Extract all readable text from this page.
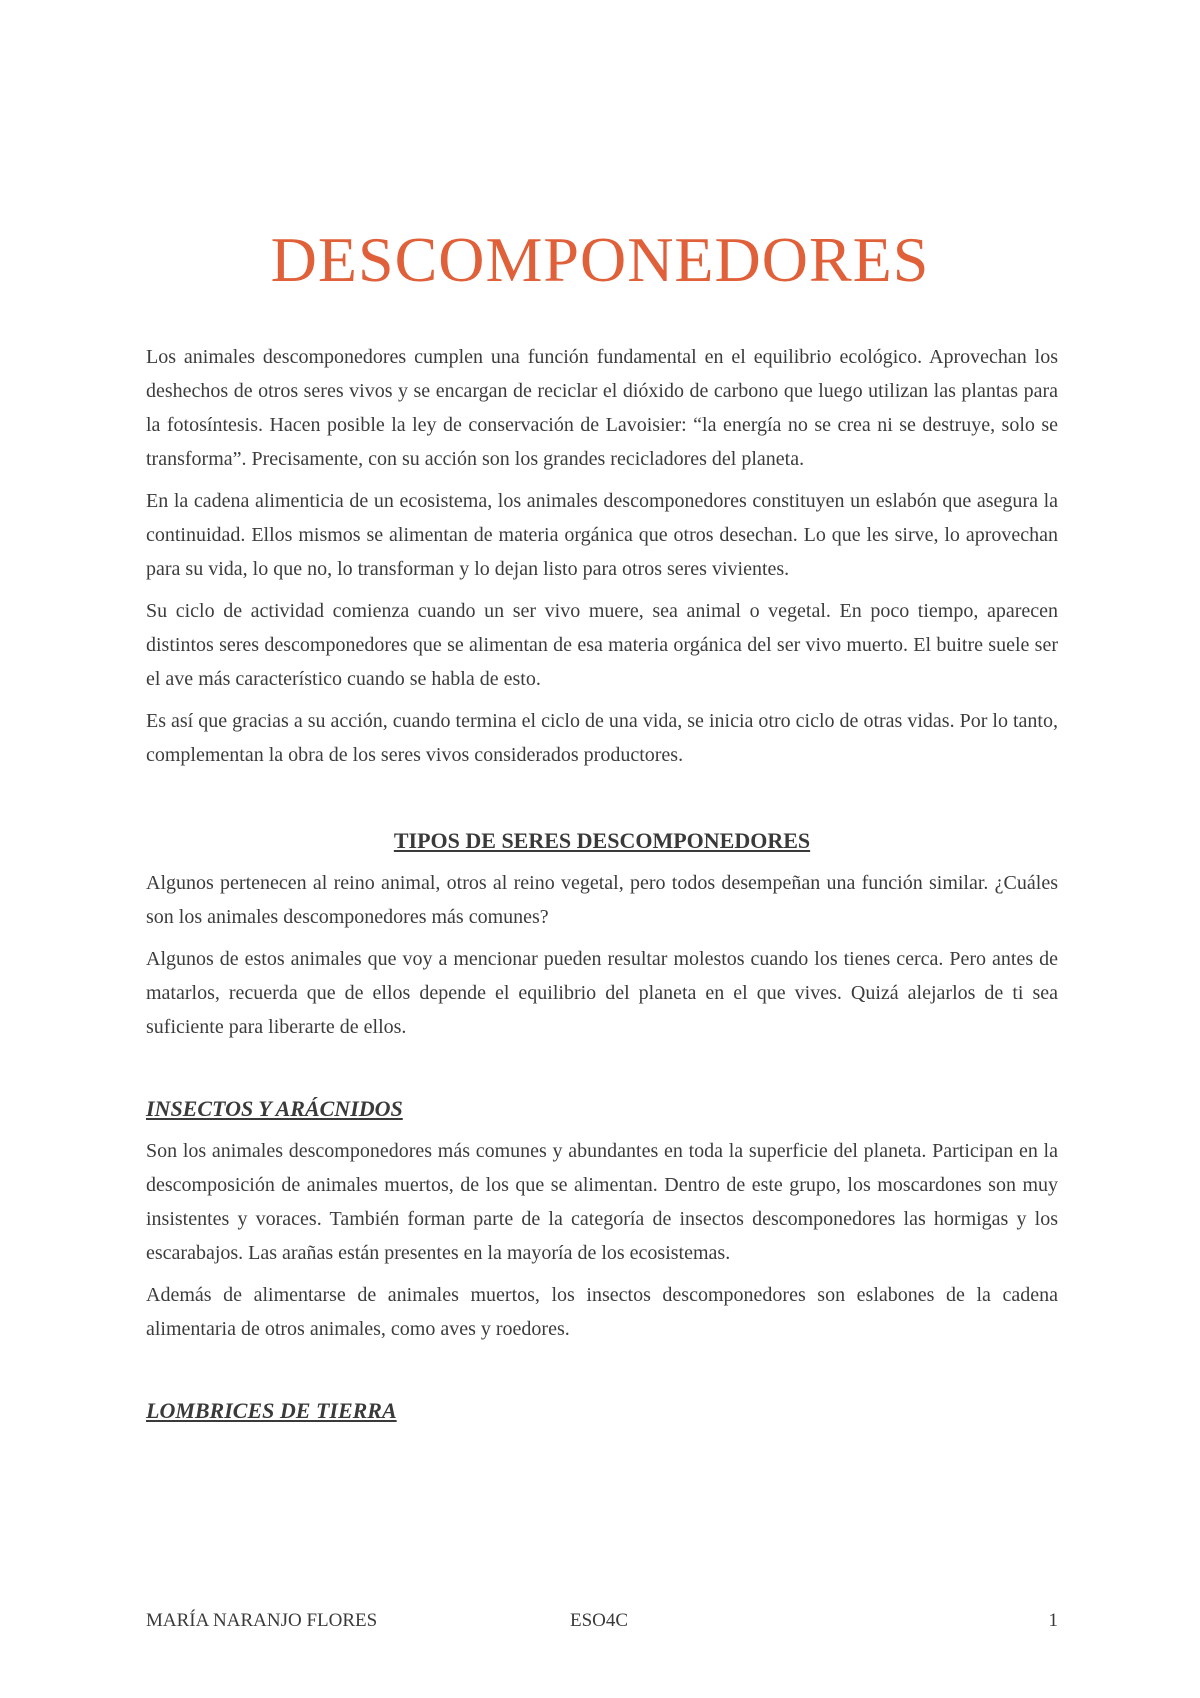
DESCOMPONEDORES

Los animales descomponedores cumplen una función fundamental en el equilibrio ecológico. Aprovechan los deshechos de otros seres vivos y se encargan de reciclar el dióxido de carbono que luego utilizan las plantas para la fotosíntesis. Hacen posible la ley de conservación de Lavoisier: “la energía no se crea ni se destruye, solo se transforma”. Precisamente, con su acción son los grandes recicladores del planeta.

En la cadena alimenticia de un ecosistema, los animales descomponedores constituyen un eslabón que asegura la continuidad. Ellos mismos se alimentan de materia orgánica que otros desechan. Lo que les sirve, lo aprovechan para su vida, lo que no, lo transforman y lo dejan listo para otros seres vivientes.

Su ciclo de actividad comienza cuando un ser vivo muere, sea animal o vegetal. En poco tiempo, aparecen distintos seres descomponedores que se alimentan de esa materia orgánica del ser vivo muerto. El buitre suele ser el ave más característico cuando se habla de esto.

Es así que gracias a su acción, cuando termina el ciclo de una vida, se inicia otro ciclo de otras vidas. Por lo tanto, complementan la obra de los seres vivos considerados productores.

TIPOS DE SERES DESCOMPONEDORES

Algunos pertenecen al reino animal, otros al reino vegetal, pero todos desempeñan una función similar. ¿Cuáles son los animales descomponedores más comunes?

Algunos de estos animales que voy a mencionar pueden resultar molestos cuando los tienes cerca. Pero antes de matarlos, recuerda que de ellos depende el equilibrio del planeta en el que vives. Quizá alejarlos de ti sea suficiente para liberarte de ellos.

INSECTOS Y ARÁCNIDOS

Son los animales descomponedores más comunes y abundantes en toda la superficie del planeta. Participan en la descomposición de animales muertos, de los que se alimentan. Dentro de este grupo, los moscardones son muy insistentes y voraces. También forman parte de la categoría de insectos descomponedores las hormigas y los escarabajos. Las arañas están presentes en la mayoría de los ecosistemas.

Además de alimentarse de animales muertos, los insectos descomponedores son eslabones de la cadena alimentaria de otros animales, como aves y roedores.

LOMBRICES DE TIERRA
MARÍA NARANJO FLORES	ESO4C	1
